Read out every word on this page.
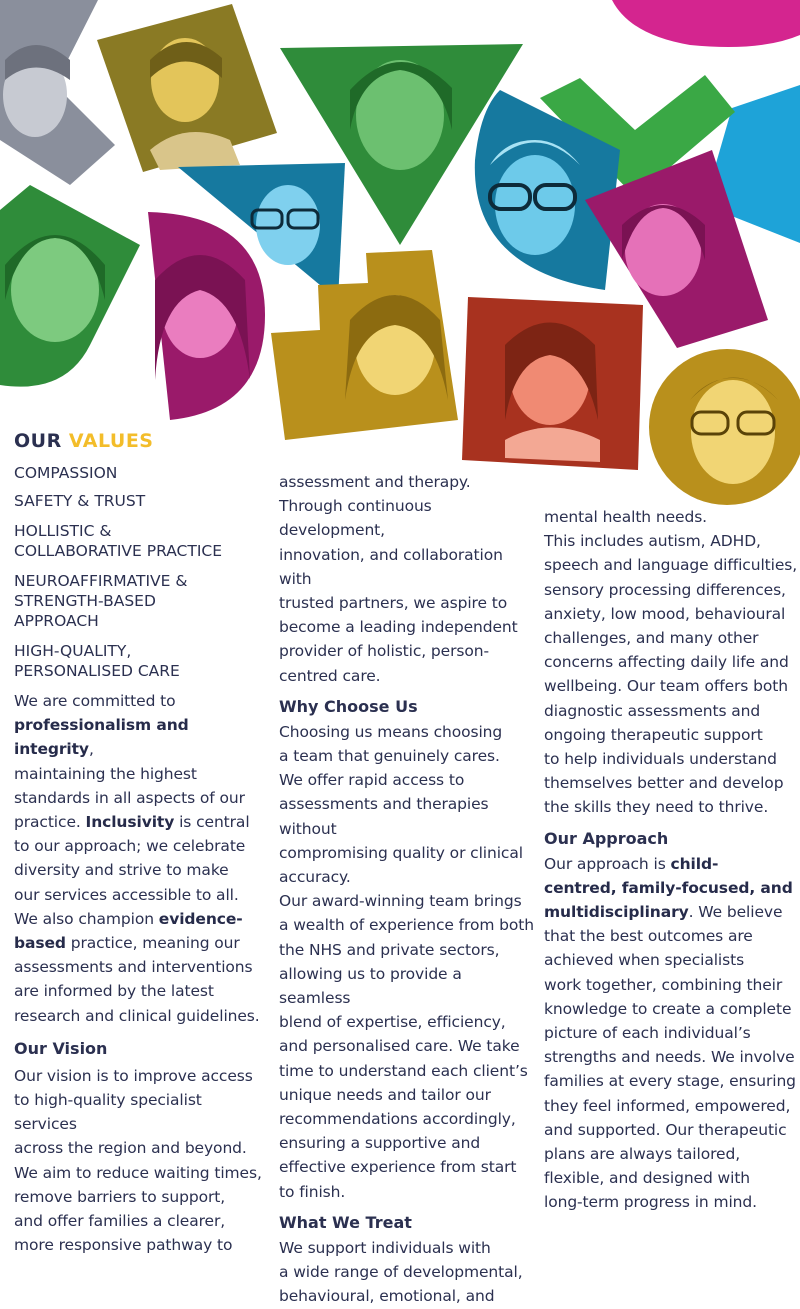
OUR VALUES
COMPASSION
SAFETY & TRUST
HOLLISTIC &
COLLABORATIVE PRACTICE
NEUROAFFIRMATIVE &
STRENGTH-BASED
APPROACH
HIGH-QUALITY,
PERSONALISED CARE

We are committed to
professionalism and integrity,
maintaining the highest
standards in all aspects of our
practice. Inclusivity is central
to our approach; we celebrate
diversity and strive to make
our services accessible to all.
We also champion evidence-
based practice, meaning our
assessments and interventions
are informed by the latest
research and clinical guidelines.

Our Vision

Our vision is to improve access
to high-quality specialist services
across the region and beyond.
We aim to reduce waiting times,
remove barriers to support,
and offer families a clearer,
more responsive pathway to

assessment and therapy.
Through continuous development,
innovation, and collaboration with
trusted partners, we aspire to
become a leading independent
provider of holistic, person-
centred care.

Why Choose Us

Choosing us means choosing
a team that genuinely cares.
We offer rapid access to
assessments and therapies without
compromising quality or clinical
accuracy.
Our award-winning team brings
a wealth of experience from both
the NHS and private sectors,
allowing us to provide a seamless
blend of expertise, efficiency,
and personalised care. We take
time to understand each client’s
unique needs and tailor our
recommendations accordingly,
ensuring a supportive and
effective experience from start
to finish.

What We Treat

We support individuals with
a wide range of developmental,
behavioural, emotional, and

mental health needs.
This includes autism, ADHD,
speech and language difficulties,
sensory processing differences,
anxiety, low mood, behavioural
challenges, and many other
concerns affecting daily life and
wellbeing. Our team offers both
diagnostic assessments and
ongoing therapeutic support
to help individuals understand
themselves better and develop
the skills they need to thrive.

Our Approach

Our approach is child-
centred, family-focused, and
multidisciplinary. We believe
that the best outcomes are
achieved when specialists
work together, combining their
knowledge to create a complete
picture of each individual’s
strengths and needs. We involve
families at every stage, ensuring
they feel informed, empowered,
and supported. Our therapeutic
plans are always tailored,
flexible, and designed with
long-term progress in mind.
